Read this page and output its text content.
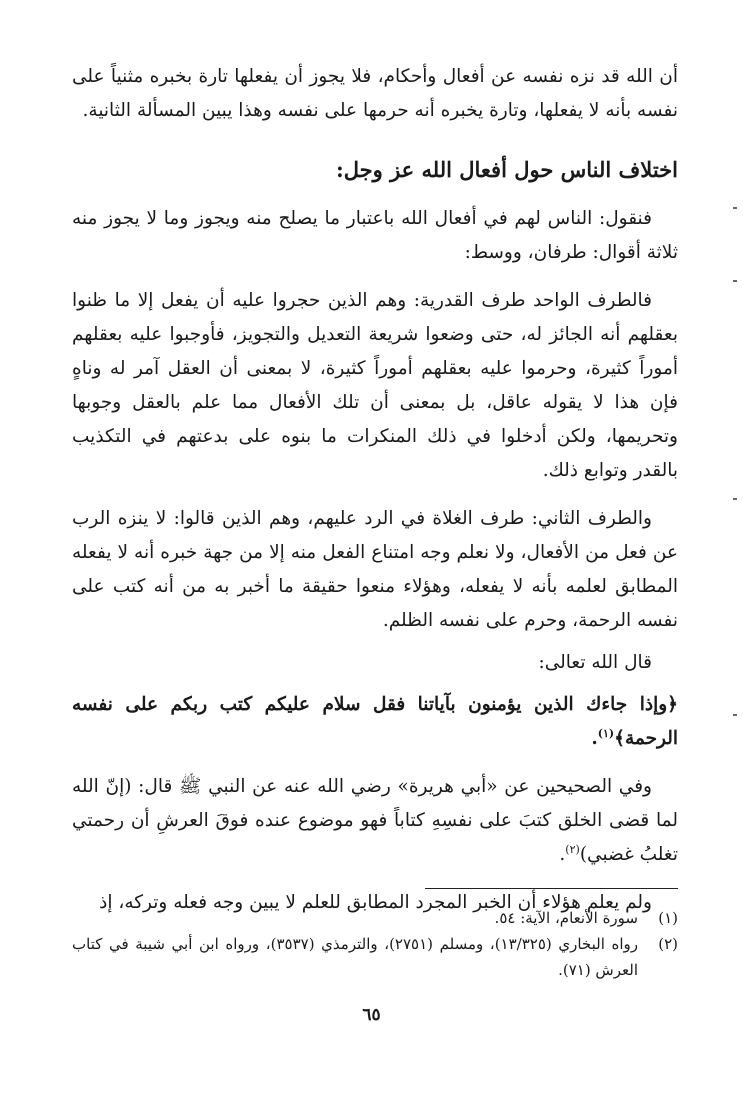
أن الله قد نزه نفسه عن أفعال وأحكام، فلا يجوز أن يفعلها تارة بخبره مثنياً على نفسه بأنه لا يفعلها، وتارة يخبره أنه حرمها على نفسه وهذا يبين المسألة الثانية.

اختلاف الناس حول أفعال الله عز وجل:

فنقول: الناس لهم في أفعال الله باعتبار ما يصلح منه ويجوز وما لا يجوز منه ثلاثة أقوال: طرفان، ووسط:

فالطرف الواحد طرف القدرية: وهم الذين حجروا عليه أن يفعل إلا ما ظنوا بعقلهم أنه الجائز له، حتى وضعوا شريعة التعديل والتجويز، فأوجبوا عليه بعقلهم أموراً كثيرة، وحرموا عليه بعقلهم أموراً كثيرة، لا بمعنى أن العقل آمر له وناهٍ فإن هذا لا يقوله عاقل، بل بمعنى أن تلك الأفعال مما علم بالعقل وجوبها وتحريمها، ولكن أدخلوا في ذلك المنكرات ما بنوه على بدعتهم في التكذيب بالقدر وتوابع ذلك.

والطرف الثاني: طرف الغلاة في الرد عليهم، وهم الذين قالوا: لا ينزه الرب عن فعل من الأفعال، ولا نعلم وجه امتناع الفعل منه إلا من جهة خبره أنه لا يفعله المطابق لعلمه بأنه لا يفعله، وهؤلاء منعوا حقيقة ما أخبر به من أنه كتب على نفسه الرحمة، وحرم على نفسه الظلم.

قال الله تعالى:

﴿وإذا جاءك الذين يؤمنون بآياتنا فقل سلام عليكم كتب ربكم على نفسه الرحمة﴾$^{(١)}$.

وفي الصحيحين عن «أبي هريرة» رضي الله عنه عن النبي ﷺ قال: (إنّ الله لما قضى الخلق كتبَ على نفسِهِ كتاباً فهو موضوع عنده فوقَ العرشِ أن رحمتي تغلبُ غضبي)$^{(٢)}$.

ولم يعلم هؤلاء أن الخبر المجرد المطابق للعلم لا يبين وجه فعله وتركه، إذ

(١)
سورة الأنعام، الآية: ٥٤.
(٢)
رواه البخاري (١٣/٣٢٥)، ومسلم (٢٧٥١)، والترمذي (٣٥٣٧)، ورواه ابن أبي شيبة في كتاب العرش (٧١).
٦٥
